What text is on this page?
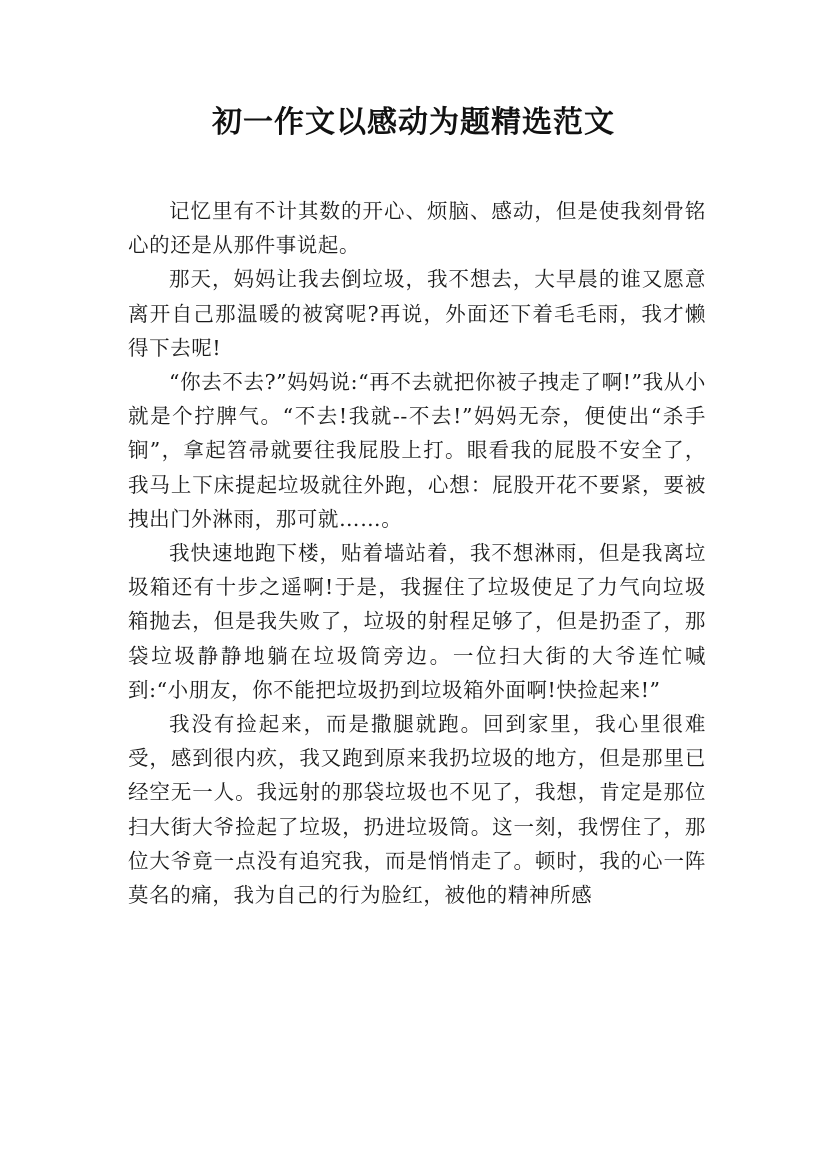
初一作文以感动为题精选范文

记忆里有不计其数的开心、烦脑、感动，但是使我刻骨铭心的还是从那件事说起。

那天，妈妈让我去倒垃圾，我不想去，大早晨的谁又愿意离开自己那温暖的被窝呢?再说，外面还下着毛毛雨，我才懒得下去呢!

“你去不去?”妈妈说:“再不去就把你被子拽走了啊!”我从小就是个拧脾气。“不去!我就--不去!”妈妈无奈，便使出“杀手锏”，拿起笤帚就要往我屁股上打。眼看我的屁股不安全了，我马上下床提起垃圾就往外跑，心想：屁股开花不要紧，要被拽出门外淋雨，那可就……。

我快速地跑下楼，贴着墙站着，我不想淋雨，但是我离垃圾箱还有十步之遥啊!于是，我握住了垃圾使足了力气向垃圾箱抛去，但是我失败了，垃圾的射程足够了，但是扔歪了，那袋垃圾静静地躺在垃圾筒旁边。一位扫大街的大爷连忙喊到:“小朋友，你不能把垃圾扔到垃圾箱外面啊!快捡起来!”

我没有捡起来，而是撒腿就跑。回到家里，我心里很难受，感到很内疚，我又跑到原来我扔垃圾的地方，但是那里已经空无一人。我远射的那袋垃圾也不见了，我想，肯定是那位扫大街大爷捡起了垃圾，扔进垃圾筒。这一刻，我愣住了，那位大爷竟一点没有追究我，而是悄悄走了。顿时，我的心一阵莫名的痛，我为自己的行为脸红，被他的精神所感
